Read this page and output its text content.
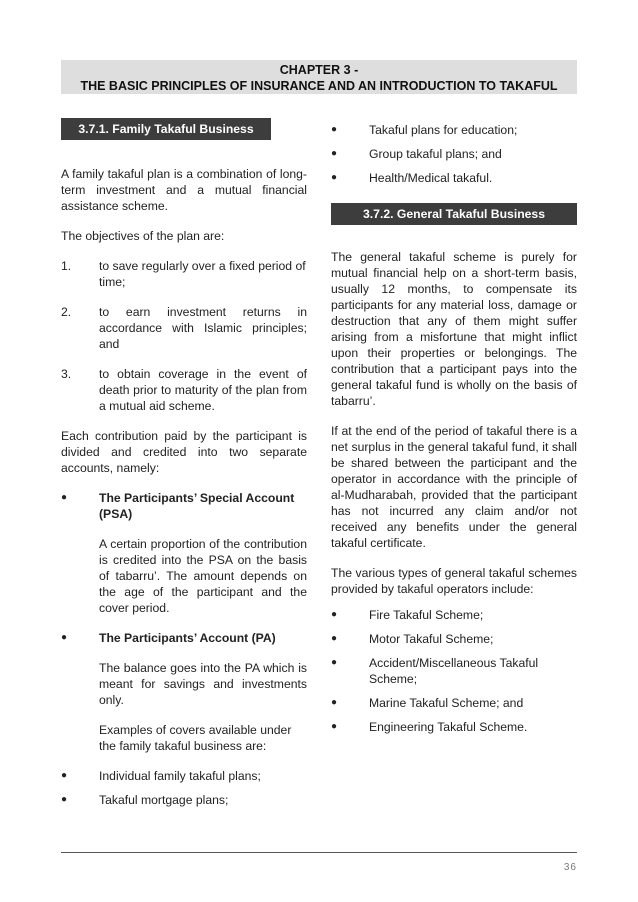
CHAPTER 3 -
THE BASIC PRINCIPLES OF INSURANCE AND AN INTRODUCTION TO TAKAFUL
3.7.1. Family Takaful Business

A family takaful plan is a combination of long-term investment and a mutual financial assistance scheme.

The objectives of the plan are:

1.	to save regularly over a fixed period of time;
2.	to earn investment returns in accordance with Islamic principles; and
3.	to obtain coverage in the event of death prior to maturity of the plan from a mutual aid scheme.

Each contribution paid by the participant is divided and credited into two separate accounts, namely:

●	The Participants’ Special Account (PSA)

A certain proportion of the contribution is credited into the PSA on the basis of tabarru’. The amount depends on the age of the participant and the cover period.

●	The Participants’ Account (PA)

The balance goes into the PA which is meant for savings and investments only.

Examples of covers available under the family takaful business are:

●	Individual family takaful plans;
●	Takaful mortgage plans;
●	Takaful plans for education;
●	Group takaful plans; and
●	Health/Medical takaful.
3.7.2. General Takaful Business

The general takaful scheme is purely for mutual financial help on a short-term basis, usually 12 months, to compensate its participants for any material loss, damage or destruction that any of them might suffer arising from a misfortune that might inflict upon their properties or belongings. The contribution that a participant pays into the general takaful fund is wholly on the basis of tabarru’.

If at the end of the period of takaful there is a net surplus in the general takaful fund, it shall be shared between the participant and the operator in accordance with the principle of al-Mudharabah, provided that the participant has not incurred any claim and/or not received any benefits under the general takaful certificate.

The various types of general takaful schemes provided by takaful operators include:

●	Fire Takaful Scheme;
●	Motor Takaful Scheme;
●	Accident/Miscellaneous Takaful Scheme;
●	Marine Takaful Scheme; and
●	Engineering Takaful Scheme.
36
